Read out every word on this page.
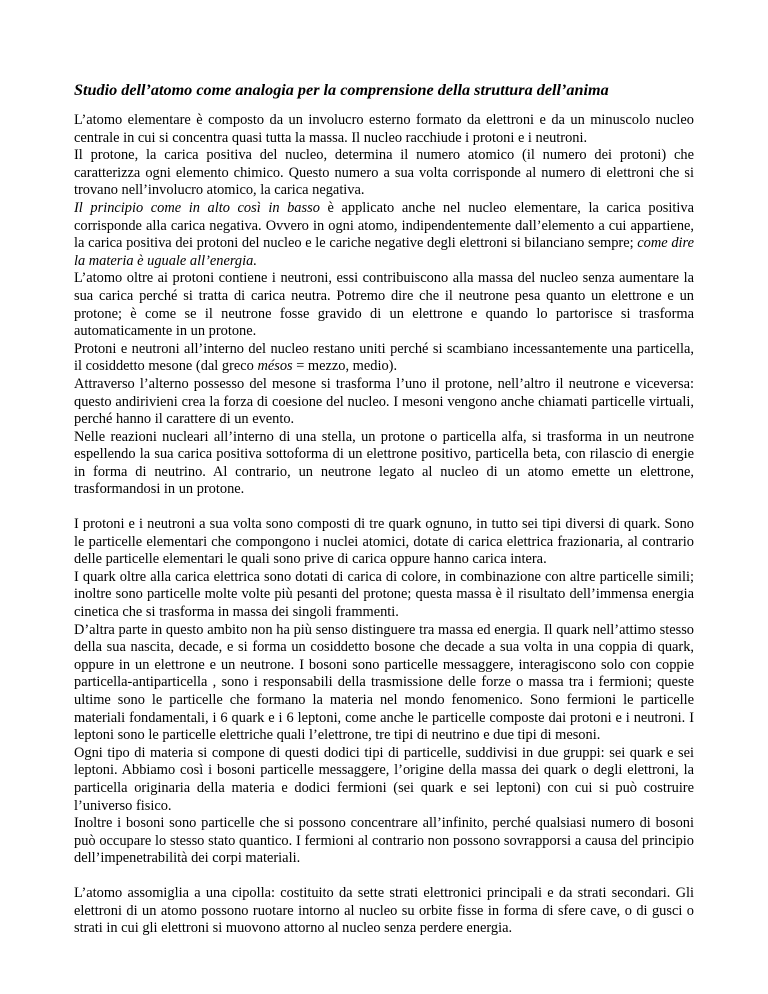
Studio dell’atomo come analogia per la comprensione della struttura dell’anima

L’atomo elementare è composto da un involucro esterno formato da elettroni e da un minuscolo nucleo centrale in cui si concentra quasi tutta la massa. Il nucleo racchiude i protoni e i neutroni.

Il protone, la carica positiva del nucleo, determina il numero atomico (il numero dei protoni) che caratterizza ogni elemento chimico. Questo numero a sua volta corrisponde al numero di elettroni che si trovano nell’involucro atomico, la carica negativa.

Il principio come in alto così in basso è applicato anche nel nucleo elementare, la carica positiva corrisponde alla carica negativa. Ovvero in ogni atomo, indipendentemente dall’elemento a cui appartiene, la carica positiva dei protoni del nucleo e le cariche negative degli elettroni si bilanciano sempre; come dire la materia è uguale all’energia.

L’atomo oltre ai protoni contiene i neutroni, essi contribuiscono alla massa del nucleo senza aumentare la sua carica perché si tratta di carica neutra. Potremo dire che il neutrone pesa quanto un elettrone e un protone; è come se il neutrone fosse gravido di un elettrone e quando lo partorisce si trasforma automaticamente in un protone.

Protoni e neutroni all’interno del nucleo restano uniti perché si scambiano incessantemente una particella, il cosiddetto mesone (dal greco mésos = mezzo, medio).

Attraverso l’alterno possesso del mesone si trasforma l’uno il protone, nell’altro il neutrone e viceversa: questo andirivieni crea la forza di coesione del nucleo. I mesoni vengono anche chiamati particelle virtuali, perché hanno il carattere di un evento.

Nelle reazioni nucleari all’interno di una stella, un protone o particella alfa, si trasforma in un neutrone espellendo la sua carica positiva sottoforma di un elettrone positivo, particella beta, con rilascio di energie in forma di neutrino. Al contrario, un neutrone legato al nucleo di un atomo emette un elettrone, trasformandosi in un protone.

I protoni e i neutroni a sua volta sono composti di tre quark ognuno, in tutto sei tipi diversi di quark. Sono le particelle elementari che compongono i nuclei atomici, dotate di carica elettrica frazionaria, al contrario delle particelle elementari le quali sono prive di carica oppure hanno carica intera.

I quark oltre alla carica elettrica sono dotati di carica di colore, in combinazione con altre particelle simili; inoltre sono particelle molte volte più pesanti del protone; questa massa è il risultato dell’immensa energia cinetica che si trasforma in massa dei singoli frammenti.

D’altra parte in questo ambito non ha più senso distinguere tra massa ed energia. Il quark nell’attimo stesso della sua nascita, decade, e si forma un cosiddetto bosone che decade a sua volta in una coppia di quark, oppure in un elettrone e un neutrone. I bosoni sono particelle messaggere, interagiscono solo con coppie particella-antiparticella , sono i responsabili della trasmissione delle forze o massa tra i fermioni; queste ultime sono le particelle che formano la materia nel mondo fenomenico. Sono fermioni le particelle materiali fondamentali, i 6 quark e i 6 leptoni, come anche le particelle composte dai protoni e i neutroni. I leptoni sono le particelle elettriche quali l’elettrone, tre tipi di neutrino e due tipi di mesoni.

Ogni tipo di materia si compone di questi dodici tipi di particelle, suddivisi in due gruppi: sei quark e sei leptoni. Abbiamo così i bosoni particelle messaggere, l’origine della massa dei quark o degli elettroni, la particella originaria della materia e dodici fermioni (sei quark e sei leptoni) con cui si può costruire l’universo fisico.

Inoltre i bosoni sono particelle che si possono concentrare all’infinito, perché qualsiasi numero di bosoni può occupare lo stesso stato quantico. I fermioni al contrario non possono sovrapporsi a causa del principio dell’impenetrabilità dei corpi materiali.

L’atomo assomiglia a una cipolla: costituito da sette strati elettronici principali e da strati secondari. Gli elettroni di un atomo possono ruotare intorno al nucleo su orbite fisse in forma di sfere cave, o di gusci o strati in cui gli elettroni si muovono attorno al nucleo senza perdere energia.
